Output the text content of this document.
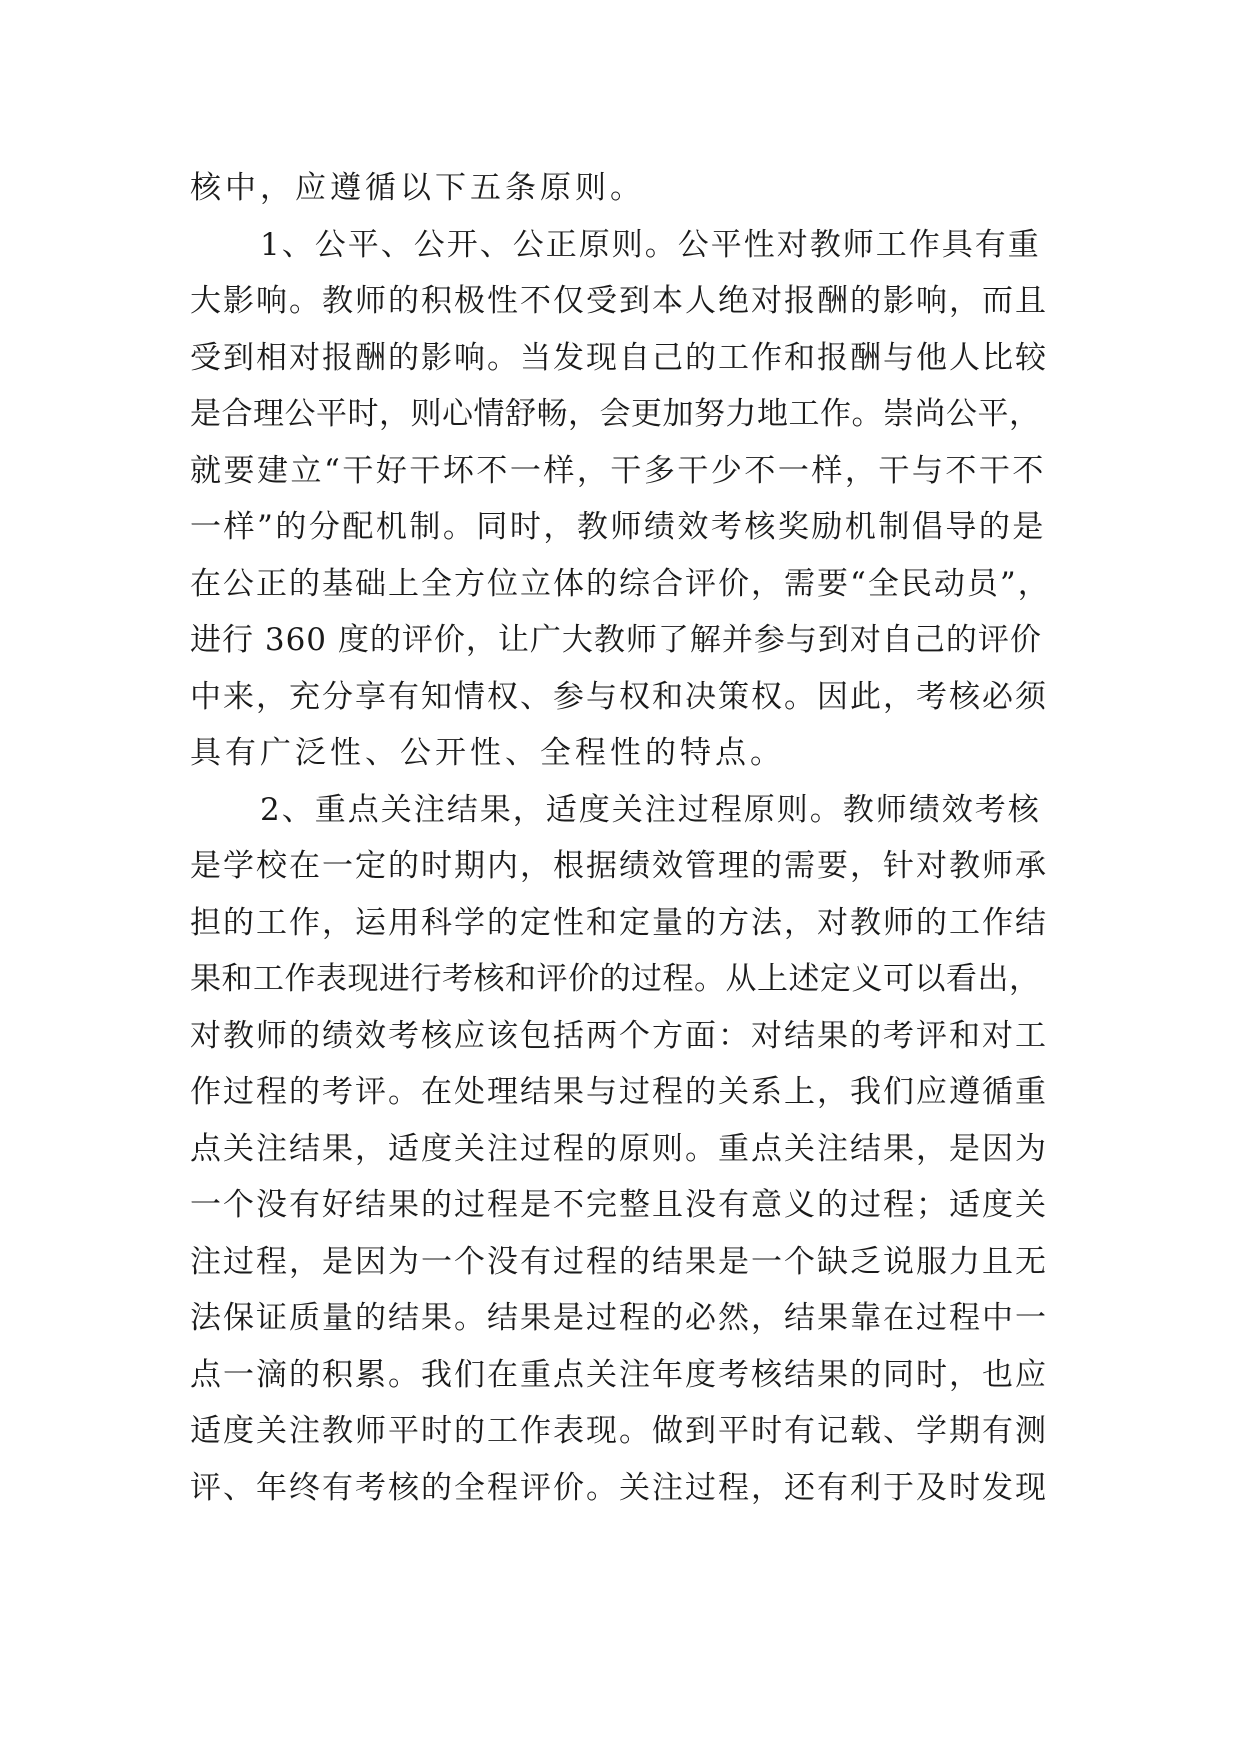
核中，应遵循以下五条原则。
1、公平、公开、公正原则。公平性对教师工作具有重
大影响。教师的积极性不仅受到本人绝对报酬的影响，而且
受到相对报酬的影响。当发现自己的工作和报酬与他人比较
是合理公平时，则心情舒畅，会更加努力地工作。崇尚公平，
就要建立“干好干坏不一样，干多干少不一样，干与不干不
一样”的分配机制。同时，教师绩效考核奖励机制倡导的是
在公正的基础上全方位立体的综合评价，需要“全民动员”，
进行 360 度的评价，让广大教师了解并参与到对自己的评价
中来，充分享有知情权、参与权和决策权。因此，考核必须
具有广泛性、公开性、全程性的特点。
2、重点关注结果，适度关注过程原则。教师绩效考核
是学校在一定的时期内，根据绩效管理的需要，针对教师承
担的工作，运用科学的定性和定量的方法，对教师的工作结
果和工作表现进行考核和评价的过程。从上述定义可以看出，
对教师的绩效考核应该包括两个方面：对结果的考评和对工
作过程的考评。在处理结果与过程的关系上，我们应遵循重
点关注结果，适度关注过程的原则。重点关注结果，是因为
一个没有好结果的过程是不完整且没有意义的过程；适度关
注过程，是因为一个没有过程的结果是一个缺乏说服力且无
法保证质量的结果。结果是过程的必然，结果靠在过程中一
点一滴的积累。我们在重点关注年度考核结果的同时，也应
适度关注教师平时的工作表现。做到平时有记载、学期有测
评、年终有考核的全程评价。关注过程，还有利于及时发现
